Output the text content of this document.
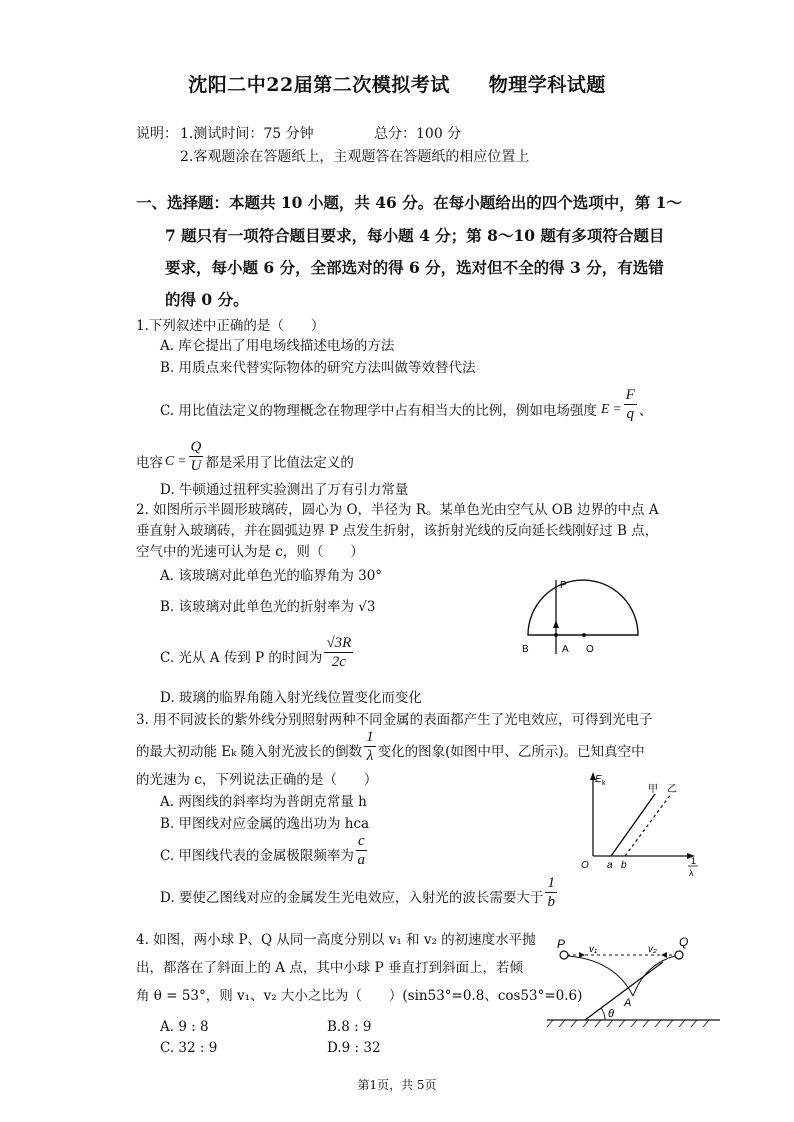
沈阳二中22届第二次模拟考试　　物理学科试题
说明： 1.测试时间：75 分钟	总分：100 分
2.客观题涂在答题纸上，主观题答在答题纸的相应位置上
一、选择题：本题共 10 小题，共 46 分。在每小题给出的四个选项中，第 1～
7 题只有一项符合题目要求，每小题 4 分；第 8～10 题有多项符合题目
要求，每小题 6 分，全部选对的得 6 分，选对但不全的得 3 分，有选错
的得 0 分。
1.下列叙述中正确的是（　　）
A. 库仑提出了用电场线描述电场的方法
B. 用质点来代替实际物体的研究方法叫做等效替代法
C. 用比值法定义的物理概念在物理学中占有相当大的比例，例如电场强度 $E = \frac{F}{q}$ 、
电容 $C = \frac{Q}{U}$ 都是采用了比值法定义的
D. 牛顿通过扭秤实验测出了万有引力常量
2. 如图所示半圆形玻璃砖，圆心为 O，半径为 R。某单色光由空气从 OB 边界的中点 A
垂直射入玻璃砖，并在圆弧边界 P 点发生折射，该折射光线的反向延长线刚好过 B 点，
空气中的光速可认为是 c，则（　　）
A. 该玻璃对此单色光的临界角为 30°
B. 该玻璃对此单色光的折射率为 √3
C. 光从 A 传到 P 的时间为 $\frac{√3R}{2c}$
D. 玻璃的临界角随入射光线位置变化而变化
P
B	A O
3. 用不同波长的紫外线分别照射两种不同金属的表面都产生了光电效应，可得到光电子
的最大初动能 $E_k$ 随入射光波长的倒数 $\frac{1}{\lambda}$ 变化的图象(如图中甲、乙所示)。已知真空中
的光速为 c，下列说法正确的是（　　）
A. 两图线的斜率均为普朗克常量 h
B. 甲图线对应金属的逸出功为 hca
C. 甲图线代表的金属极限频率为 $\frac{c}{a}$
D. 要使乙图线对应的金属发生光电效应，入射光的波长需要大于 $\frac{1}{b}$
E k
甲 乙
O a b	1
λ
4. 如图，两小球 P、Q 从同一高度分别以 v₁ 和 v₂ 的初速度水平抛
出，都落在了斜面上的 A 点，其中小球 P 垂直打到斜面上，若倾
角 θ = 53°，则 v₁、v₂ 大小之比为（　　）(sin53°=0.8、cos53°=0.6)
A. 9 : 8	B.8 : 9
C. 32 : 9	D.9 : 32
P	Q
v₁	v₂
A
θ
第1页，共 5页
